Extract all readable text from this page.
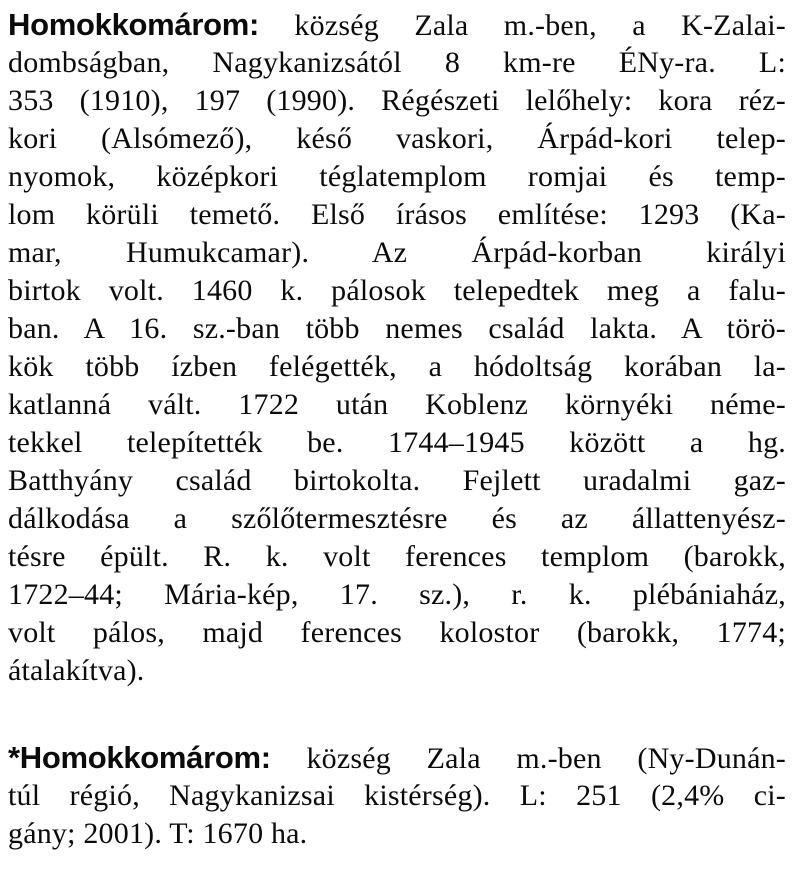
Homokkomárom: község Zala m.-ben, a K-Zalai-
dombságban, Nagykanizsától 8 km-re ÉNy-ra. L:
353 (1910), 197 (1990). Régészeti lelőhely: kora réz-
kori (Alsómező), késő vaskori, Árpád-kori telep-
nyomok, középkori téglatemplom romjai és temp-
lom körüli temető. Első írásos említése: 1293 (Ka-
mar, Humukcamar). Az Árpád-korban királyi
birtok volt. 1460 k. pálosok telepedtek meg a falu-
ban. A 16. sz.-ban több nemes család lakta. A törö-
kök több ízben felégették, a hódoltság korában la-
katlanná vált. 1722 után Koblenz környéki néme-
tekkel telepítették be. 1744–1945 között a hg.
Batthyány család birtokolta. Fejlett uradalmi gaz-
dálkodása a szőlőtermesztésre és az állattenyész-
tésre épült. R. k. volt ferences templom (barokk,
1722–44; Mária-kép, 17. sz.), r. k. plébániaház,
volt pálos, majd ferences kolostor (barokk, 1774;
átalakítva).
*Homokkomárom: község Zala m.-ben (Ny-Dunán-
túl régió, Nagykanizsai kistérség). L: 251 (2,4% ci-
gány; 2001). T: 1670 ha.
